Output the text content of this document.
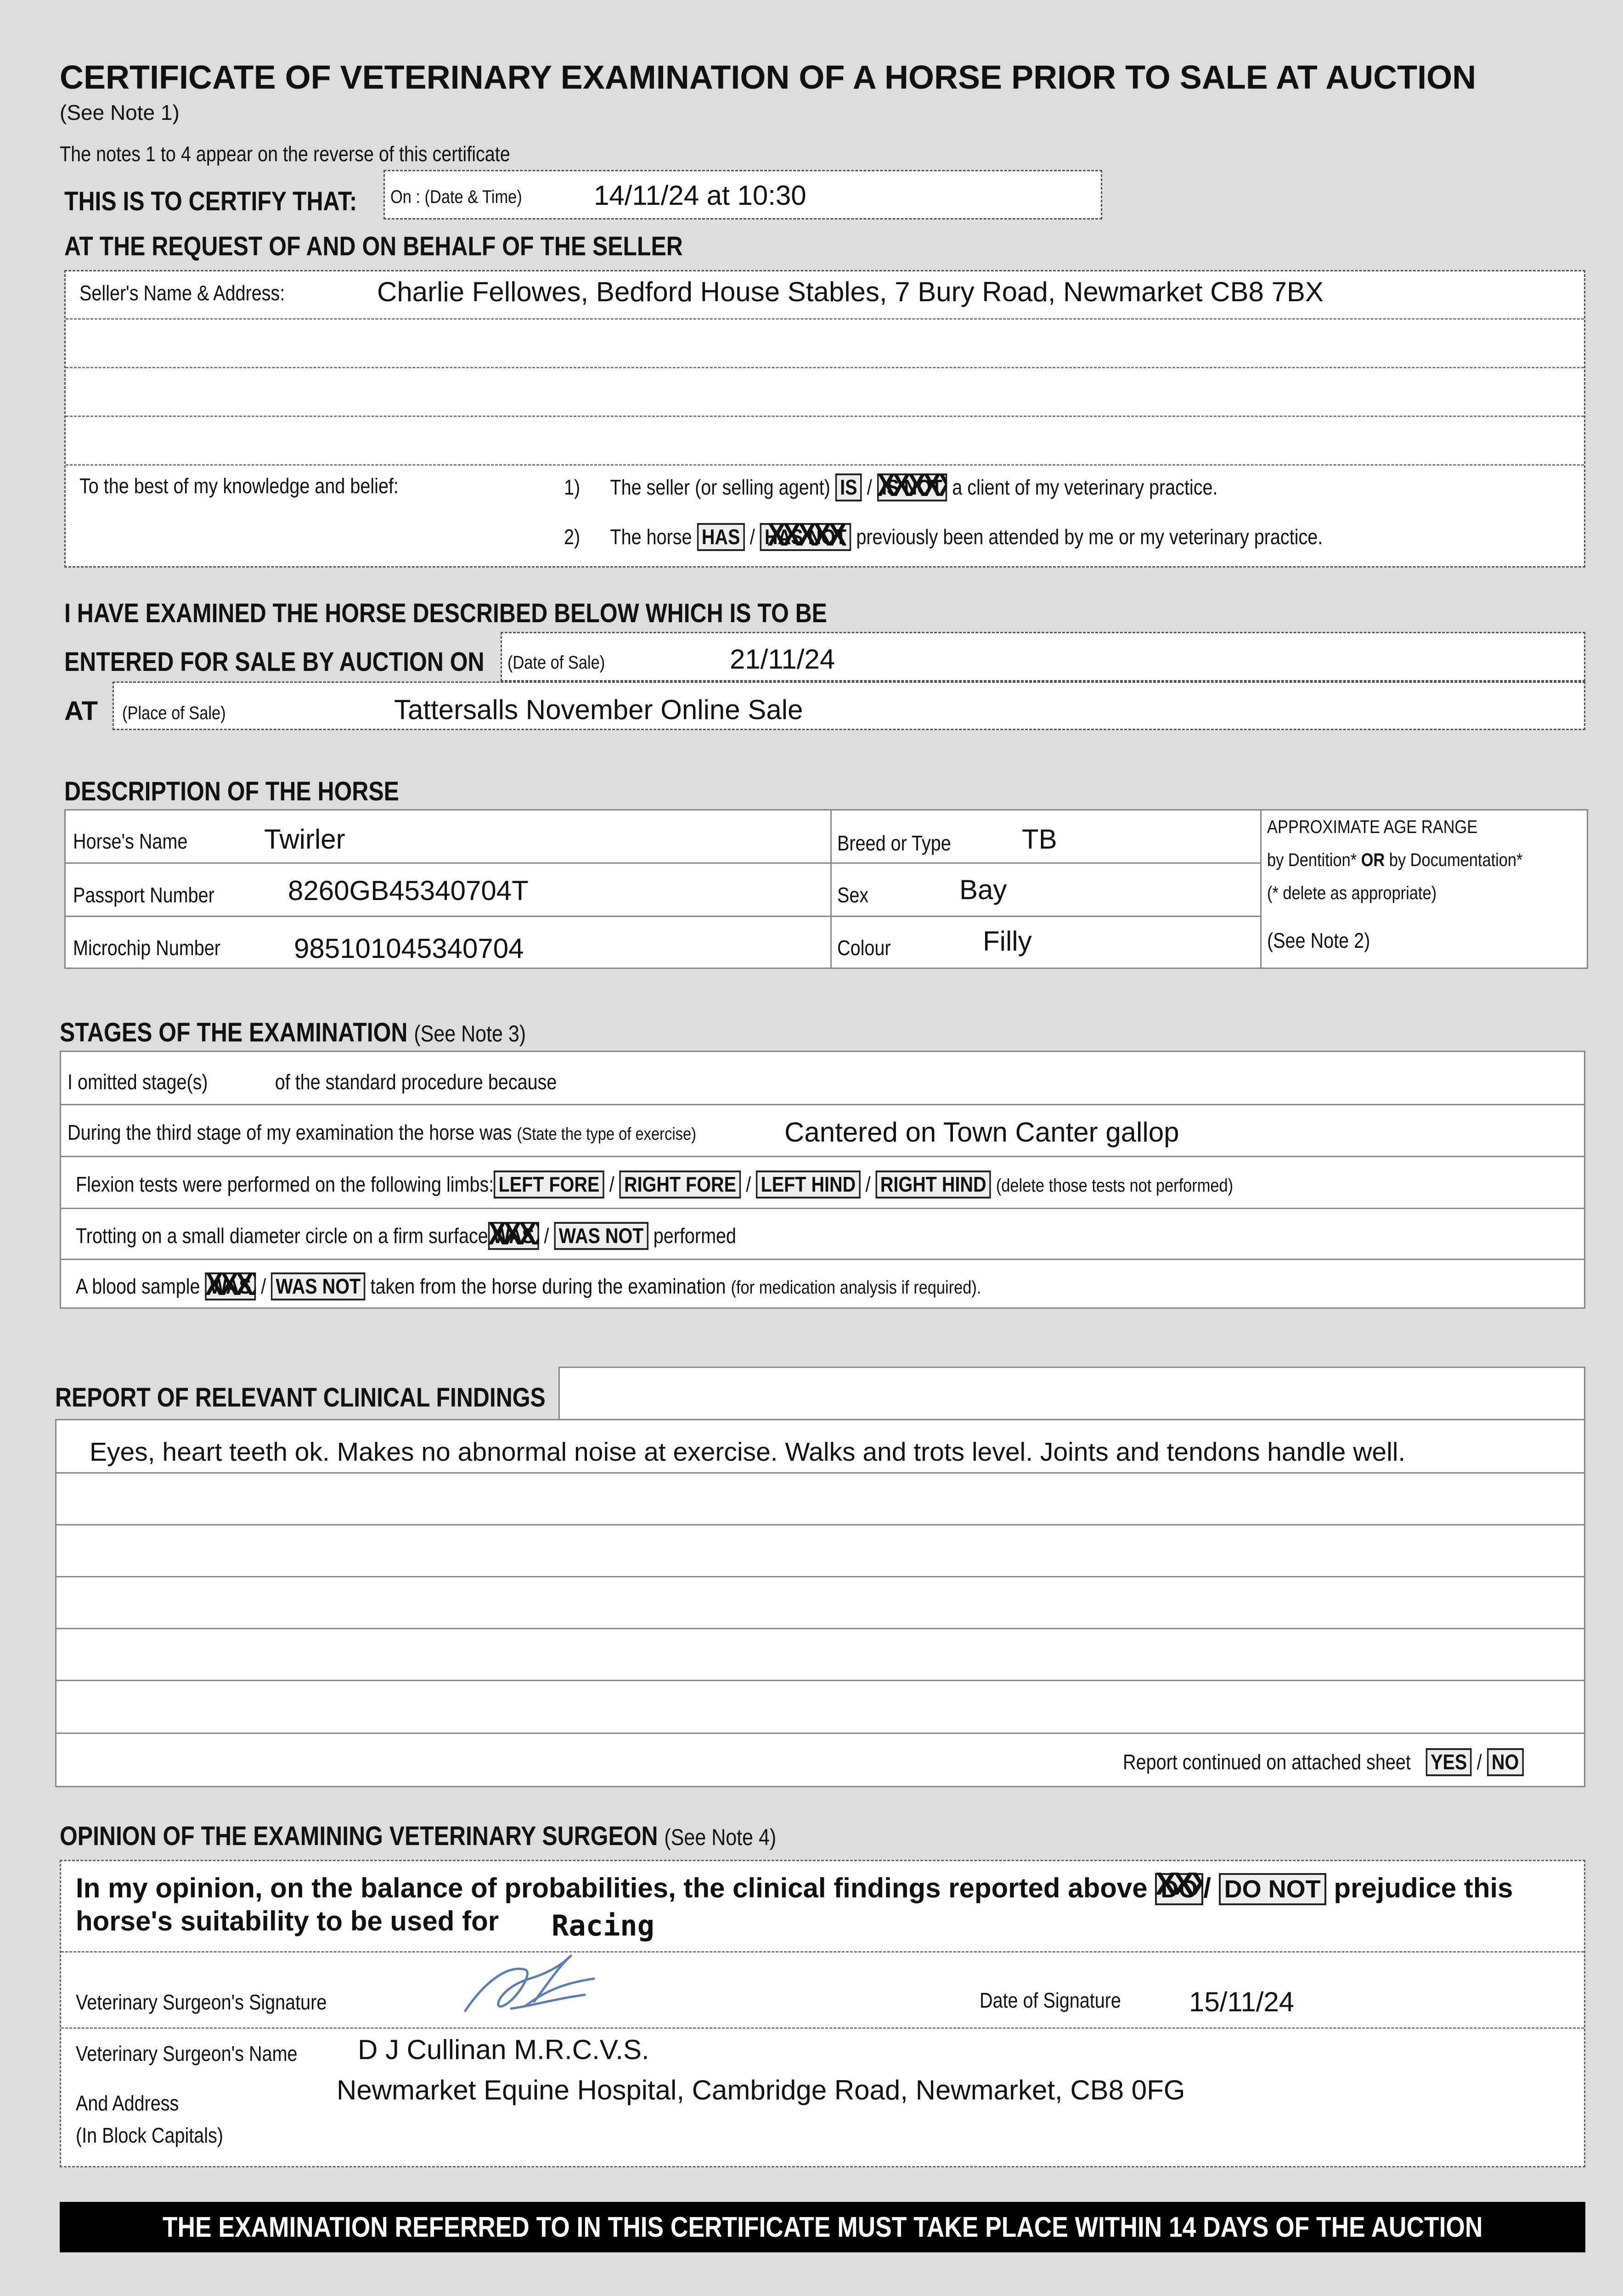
CERTIFICATE OF VETERINARY EXAMINATION OF A HORSE PRIOR TO SALE AT AUCTION
(See Note 1)
The notes 1 to 4 appear on the reverse of this certificate
THIS IS TO CERTIFY THAT:	On : (Date & Time)	14/11/24 at 10:30
AT THE REQUEST OF AND ON BEHALF OF THE SELLER
Seller's Name & Address:	Charlie Fellowes, Bedford House Stables, 7 Bury Road, Newmarket CB8 7BX
To the best of my knowledge and belief:	1) The seller (or selling agent) IS / IS NOT XXXXX a client of my veterinary practice.
2) The horse HAS / HAS NOT XXXXX previously been attended by me or my veterinary practice.
I HAVE EXAMINED THE HORSE DESCRIBED BELOW WHICH IS TO BE
ENTERED FOR SALE BY AUCTION ON	(Date of Sale)	21/11/24
AT (Place of Sale)	Tattersalls November Online Sale
DESCRIPTION OF THE HORSE
Horse's Name	Twirler
Passport Number	8260GB45340704T
Microchip Number	985101045340704
Breed or Type	TB
Sex	Bay
Colour	Filly
APPROXIMATE AGE RANGE
by Dentition* OR by Documentation*
(* delete as appropriate)
(See Note 2)
STAGES OF THE EXAMINATION (See Note 3)
I omitted stage(s)	of the standard procedure because
During the third stage of my examination the horse was (State the type of exercise)	Cantered on Town Canter gallop
Flexion tests were performed on the following limbs: LEFT FORE / RIGHT FORE / LEFT HIND / RIGHT HIND (delete those tests not performed)
Trotting on a small diameter circle on a firm surface WAS
XXXXX
/ WAS NOT performed
A blood sample WAS
XXXXX
/ WAS NOT taken from the horse during the examination (for medication analysis if required).
REPORT OF RELEVANT CLINICAL FINDINGS
Eyes, heart teeth ok. Makes no abnormal noise at exercise. Walks and trots level. Joints and tendons handle well.
Report continued on attached sheet YES / NO
OPINION OF THE EXAMINING VETERINARY SURGEON (See Note 4)
In my opinion, on the balance of probabilities, the clinical findings reported above DO XXXXX / DO NOT prejudice this
horse's suitability to be used for Racing
Veterinary Surgeon's Signature	Date of Signature	15/11/24
Veterinary Surgeon's Name	D J Cullinan M.R.C.V.S.
And Address	Newmarket Equine Hospital, Cambridge Road, Newmarket, CB8 0FG
(In Block Capitals)
THE EXAMINATION REFERRED TO IN THIS CERTIFICATE MUST TAKE PLACE WITHIN 14 DAYS OF THE AUCTION
